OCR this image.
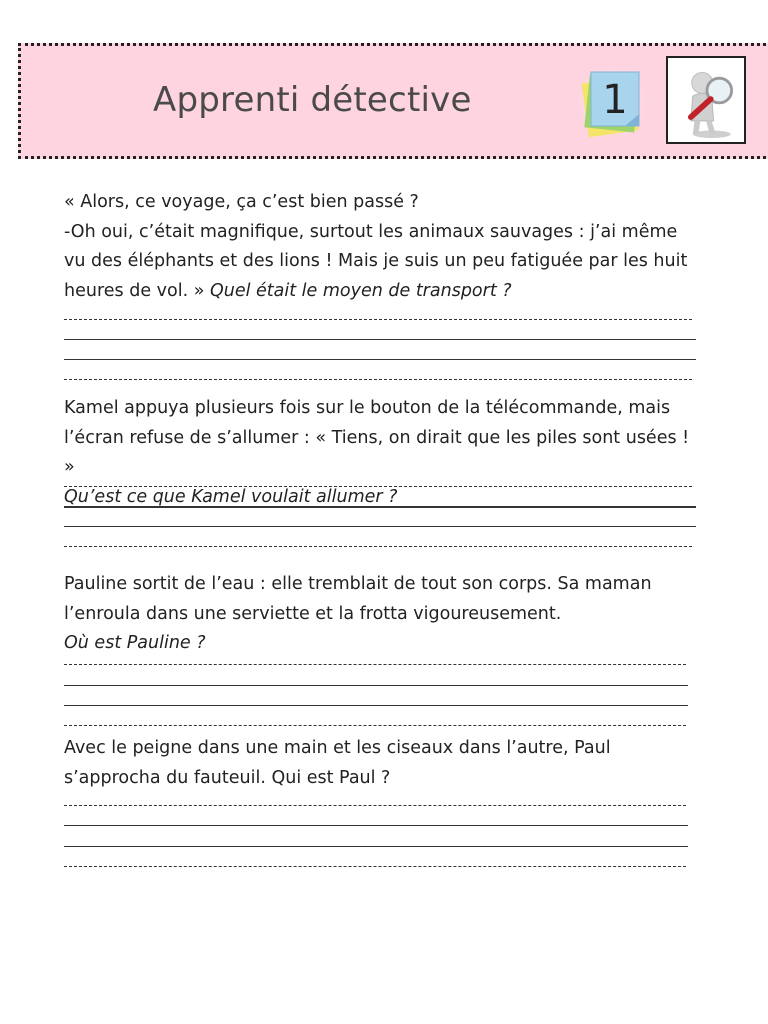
Apprenti détective	1

« Alors, ce voyage, ça c’est bien passé ?

-Oh oui, c’était magnifique, surtout les animaux sauvages : j’ai même

vu des éléphants et des lions ! Mais je suis un peu fatiguée par les huit

heures de vol. » Quel était le moyen de transport ?

Kamel appuya plusieurs fois sur le bouton de la télécommande, mais

l’écran refuse de s’allumer : « Tiens, on dirait que les piles sont usées ! »

Qu’est ce que Kamel voulait allumer ?

Pauline sortit de l’eau : elle tremblait de tout son corps. Sa maman

l’enroula dans une serviette et la frotta vigoureusement.

Où est Pauline ?

Avec le peigne dans une main et les ciseaux dans l’autre, Paul

s’approcha du fauteuil. Qui est Paul ?
